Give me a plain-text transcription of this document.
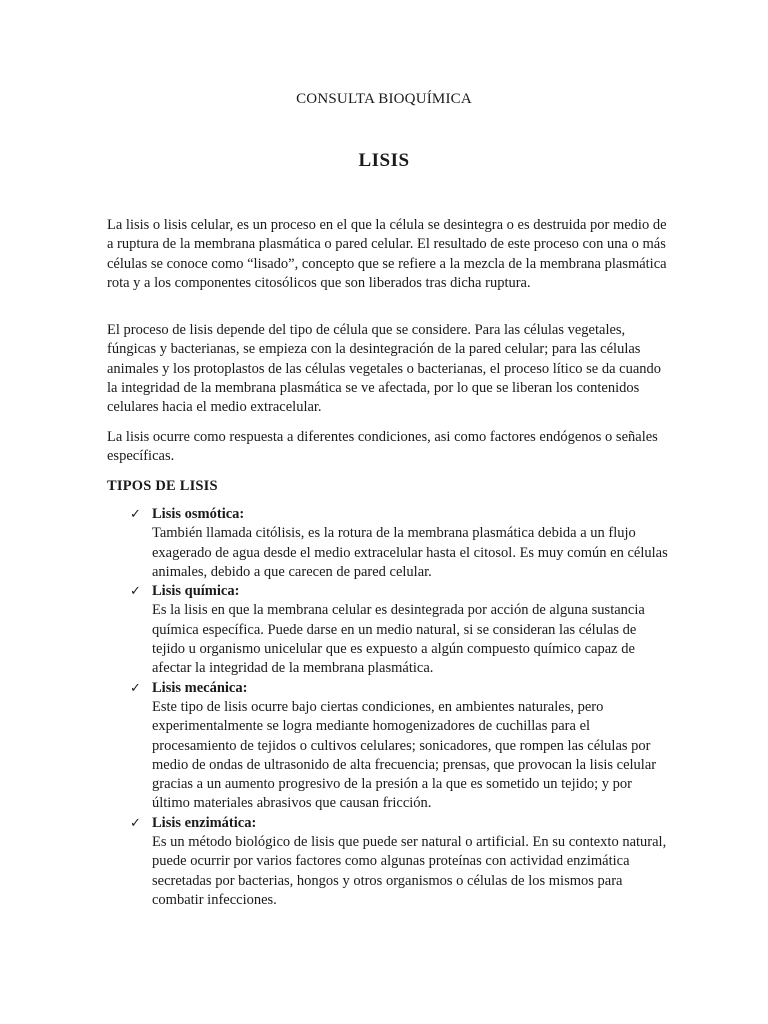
CONSULTA BIOQUÍMICA
LISIS
La lisis o lisis celular, es un proceso en el que la célula se desintegra o es destruida por medio de a ruptura de la membrana plasmática o pared celular. El resultado de este proceso con una o más células se conoce como “lisado”, concepto que se refiere a la mezcla de la membrana plasmática rota y a los componentes citosólicos que son liberados tras dicha ruptura.
El proceso de lisis depende del tipo de célula que se considere. Para las células vegetales, fúngicas y bacterianas, se empieza con la desintegración de la pared celular; para las células animales y los protoplastos de las células vegetales o bacterianas, el proceso lítico se da cuando la integridad de la membrana plasmática se ve afectada, por lo que se liberan los contenidos celulares hacia el medio extracelular.
La lisis ocurre como respuesta a diferentes condiciones, asi como factores endógenos o señales específicas.
TIPOS DE LISIS
✓ Lisis osmótica:
También llamada citólisis, es la rotura de la membrana plasmática debida a un flujo exagerado de agua desde el medio extracelular hasta el citosol. Es muy común en células animales, debido a que carecen de pared celular.
✓ Lisis química:
Es la lisis en que la membrana celular es desintegrada por acción de alguna sustancia química específica. Puede darse en un medio natural, si se consideran las células de tejido u organismo unicelular que es expuesto a algún compuesto químico capaz de afectar la integridad de la membrana plasmática.
✓ Lisis mecánica:
Este tipo de lisis ocurre bajo ciertas condiciones, en ambientes naturales, pero experimentalmente se logra mediante homogenizadores de cuchillas para el procesamiento de tejidos o cultivos celulares; sonicadores, que rompen las células por medio de ondas de ultrasonido de alta frecuencia; prensas, que provocan la lisis celular gracias a un aumento progresivo de la presión a la que es sometido un tejido; y por último materiales abrasivos que causan fricción.
✓ Lisis enzimática:
Es un método biológico de lisis que puede ser natural o artificial. En su contexto natural, puede ocurrir por varios factores como algunas proteínas con actividad enzimática secretadas por bacterias, hongos y otros organismos o células de los mismos para combatir infecciones.
